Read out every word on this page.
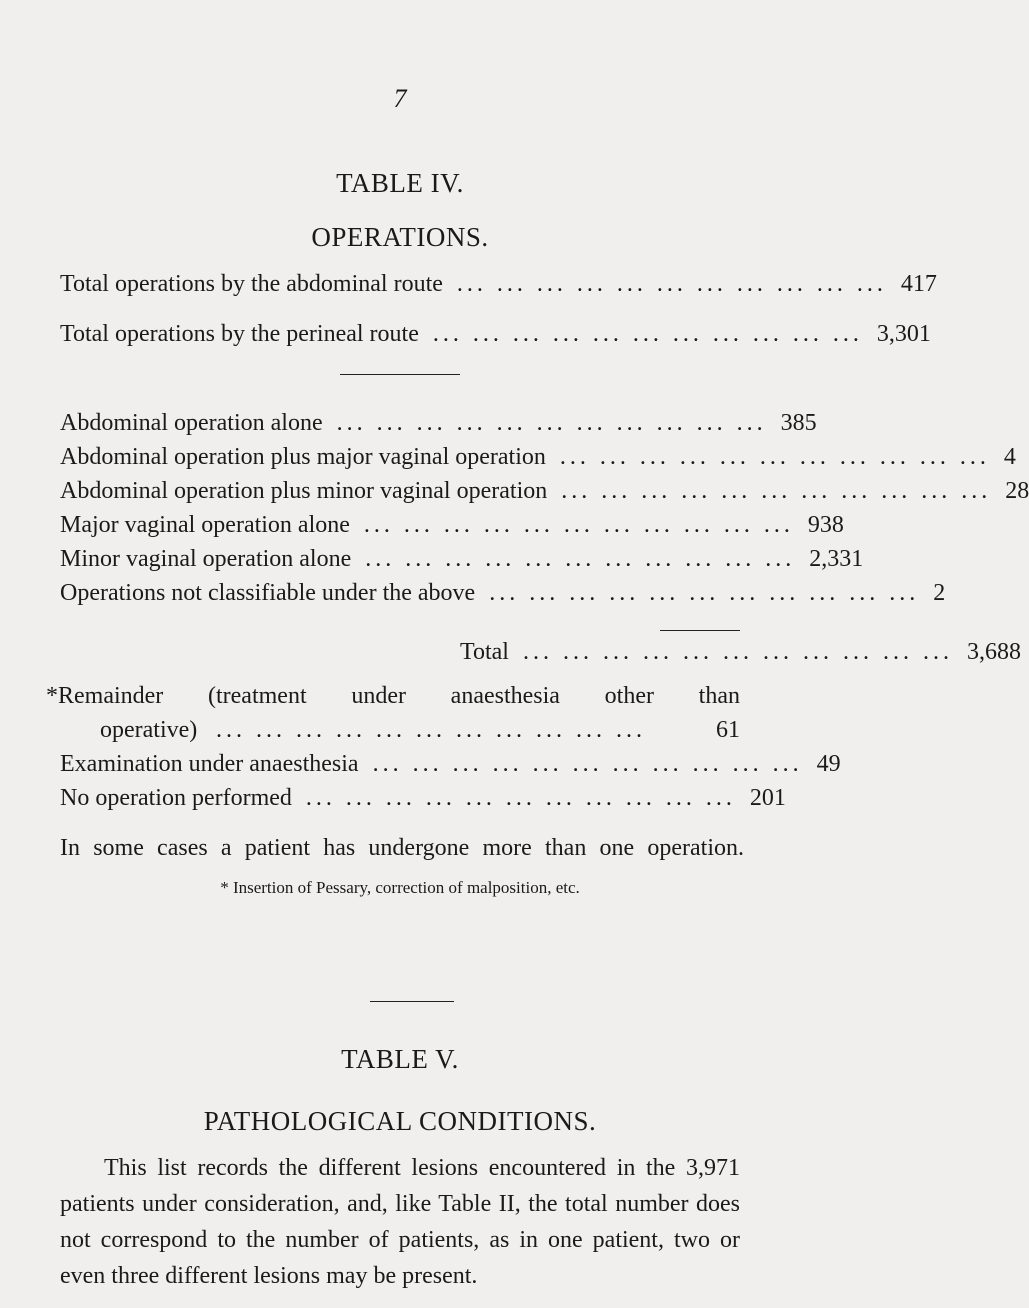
7
TABLE IV.
OPERATIONS.
Total operations by the abdominal route ... ... ... ... ... ... ... ... ... ... ... 417
Total operations by the perineal route ... ... ... ... ... ... ... ... ... ... ... 3,301
Abdominal operation alone ... ... ... ... ... ... ... ... ... ... ... 385
Abdominal operation plus major vaginal operation ... ... ... ... ... ... ... ... ... ... ... 4
Abdominal operation plus minor vaginal operation ... ... ... ... ... ... ... ... ... ... ... 28
Major vaginal operation alone ... ... ... ... ... ... ... ... ... ... ... 938
Minor vaginal operation alone ... ... ... ... ... ... ... ... ... ... ... 2,331
Operations not classifiable under the above ... ... ... ... ... ... ... ... ... ... ... 2
Total ... ... ... ... ... ... ... ... ... ... ... 3,688
*Remainder (treatment under anaesthesia other than
operative) ... ... ... ... ... ... ... ... ... ... ...	61
Examination under anaesthesia ... ... ... ... ... ... ... ... ... ... ... 49
No operation performed ... ... ... ... ... ... ... ... ... ... ... 201
In some cases a patient has undergone more than one operation.
* Insertion of Pessary, correction of malposition, etc.
TABLE V.
PATHOLOGICAL CONDITIONS.
This list records the different lesions encountered in the 3,971 patients under consideration, and, like Table II, the total number does not correspond to the number of patients, as in one patient, two or even three different lesions may be present.
